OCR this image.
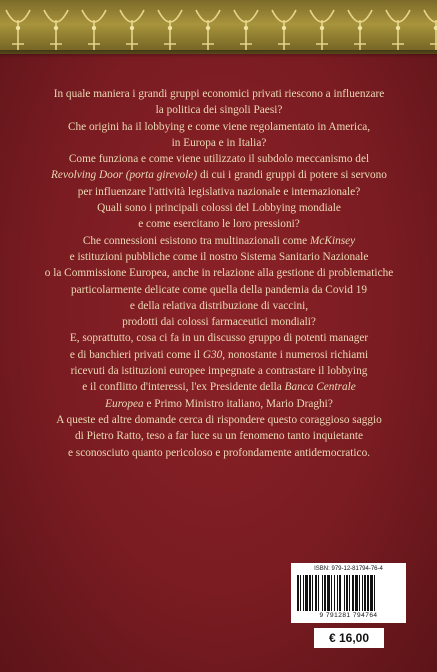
In quale maniera i grandi gruppi economici privati riescono a influenzare
la politica dei singoli Paesi?
Che origini ha il lobbying e come viene regolamentato in America,
in Europa e in Italia?
Come funziona e come viene utilizzato il subdolo meccanismo del
Revolving Door (porta girevole) di cui i grandi gruppi di potere si servono
per influenzare l'attività legislativa nazionale e internazionale?
Quali sono i principali colossi del Lobbying mondiale
e come esercitano le loro pressioni?
Che connessioni esistono tra multinazionali come McKinsey
e istituzioni pubbliche come il nostro Sistema Sanitario Nazionale
o la Commissione Europea, anche in relazione alla gestione di problematiche
particolarmente delicate come quella della pandemia da Covid 19
e della relativa distribuzione di vaccini,
prodotti dai colossi farmaceutici mondiali?
E, soprattutto, cosa ci fa in un discusso gruppo di potenti manager
e di banchieri privati come il G30, nonostante i numerosi richiami
ricevuti da istituzioni europee impegnate a contrastare il lobbying
e il conflitto d'interessi, l'ex Presidente della Banca Centrale
Europea e Primo Ministro italiano, Mario Draghi?
A queste ed altre domande cerca di rispondere questo coraggioso saggio
di Pietro Ratto, teso a far luce su un fenomeno tanto inquietante
e sconosciuto quanto pericoloso e profondamente antidemocratico.
ISBN: 979-12-81794-76-4
9 791281 794764
€ 16,00
